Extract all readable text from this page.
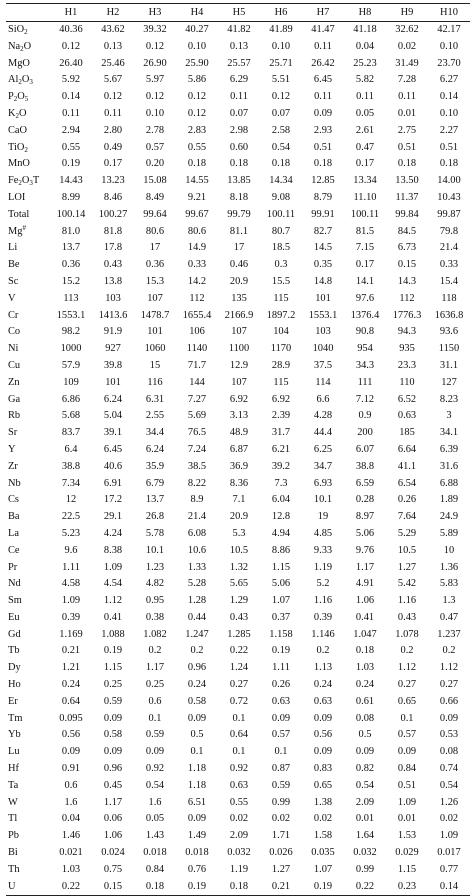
	H1	H2	H3	H4	H5	H6	H7	H8	H9	H10
SiO$_2$	40.36	43.62	39.32	40.27	41.82	41.89	41.47	41.18	32.62	42.17
$Na_2O$	0.12	0.13	0.12	0.10	0.13	0.10	0.11	0.04	0.02	0.10
MgO	26.40	25.46	26.90	25.90	25.57	25.71	26.42	25.23	31.49	23.70
$Al_2O_3$	5.92	5.67	5.97	5.86	6.29	5.51	6.45	5.82	7.28	6.27
$P_2O_5$	0.14	0.12	0.12	0.12	0.11	0.12	0.11	0.11	0.11	0.14
$K_2O$	0.11	0.11	0.10	0.12	0.07	0.07	0.09	0.05	0.01	0.10
CaO	2.94	2.80	2.78	2.83	2.98	2.58	2.93	2.61	2.75	2.27
TiO$_2$	0.55	0.49	0.57	0.55	0.60	0.54	0.51	0.47	0.51	0.51
MnO	0.19	0.17	0.20	0.18	0.18	0.18	0.18	0.17	0.18	0.18
$Fe_2O_3T$	14.43	13.23	15.08	14.55	13.85	14.34	12.85	13.34	13.50	14.00
LOI	8.99	8.46	8.49	9.21	8.18	9.08	8.79	11.10	11.37	10.43
Total	100.14	100.27	99.64	99.67	99.79	100.11	99.91	100.11	99.84	99.87
Mg#	81.0	81.8	80.6	80.6	81.1	80.7	82.7	81.5	84.5	79.8
Li	13.7	17.8	17	14.9	17	18.5	14.5	7.15	6.73	21.4
Be	0.36	0.43	0.36	0.33	0.46	0.3	0.35	0.17	0.15	0.33
Sc	15.2	13.8	15.3	14.2	20.9	15.5	14.8	14.1	14.3	15.4
V	113	103	107	112	135	115	101	97.6	112	118
Cr	1553.1	1413.6	1478.7	1655.4	2166.9	1897.2	1553.1	1376.4	1776.3	1636.8
Co	98.2	91.9	101	106	107	104	103	90.8	94.3	93.6
Ni	1000	927	1060	1140	1100	1170	1040	954	935	1150
Cu	57.9	39.8	15	71.7	12.9	28.9	37.5	34.3	23.3	31.1
Zn	109	101	116	144	107	115	114	111	110	127
Ga	6.86	6.24	6.31	7.27	6.92	6.92	6.6	7.12	6.52	8.23
Rb	5.68	5.04	2.55	5.69	3.13	2.39	4.28	0.9	0.63	3
Sr	83.7	39.1	34.4	76.5	48.9	31.7	44.4	200	185	34.1
Y	6.4	6.45	6.24	7.24	6.87	6.21	6.25	6.07	6.64	6.39
Zr	38.8	40.6	35.9	38.5	36.9	39.2	34.7	38.8	41.1	31.6
Nb	7.34	6.91	6.79	8.22	8.36	7.3	6.93	6.59	6.54	6.88
Cs	12	17.2	13.7	8.9	7.1	6.04	10.1	0.28	0.26	1.89
Ba	22.5	29.1	26.8	21.4	20.9	12.8	19	8.97	7.64	24.9
La	5.23	4.24	5.78	6.08	5.3	4.94	4.85	5.06	5.29	5.89
Ce	9.6	8.38	10.1	10.6	10.5	8.86	9.33	9.76	10.5	10
Pr	1.11	1.09	1.23	1.33	1.32	1.15	1.19	1.17	1.27	1.36
Nd	4.58	4.54	4.82	5.28	5.65	5.06	5.2	4.91	5.42	5.83
Sm	1.09	1.12	0.95	1.28	1.29	1.07	1.16	1.06	1.16	1.3
Eu	0.39	0.41	0.38	0.44	0.43	0.37	0.39	0.41	0.43	0.47
Gd	1.169	1.088	1.082	1.247	1.285	1.158	1.146	1.047	1.078	1.237
Tb	0.21	0.19	0.2	0.2	0.22	0.19	0.2	0.18	0.2	0.2
Dy	1.21	1.15	1.17	0.96	1.24	1.11	1.13	1.03	1.12	1.12
Ho	0.24	0.25	0.25	0.24	0.27	0.26	0.24	0.24	0.27	0.27
Er	0.64	0.59	0.6	0.58	0.72	0.63	0.63	0.61	0.65	0.66
Tm	0.095	0.09	0.1	0.09	0.1	0.09	0.09	0.08	0.1	0.09
Yb	0.56	0.58	0.59	0.5	0.64	0.57	0.56	0.5	0.57	0.53
Lu	0.09	0.09	0.09	0.1	0.1	0.1	0.09	0.09	0.09	0.08
Hf	0.91	0.96	0.92	1.18	0.92	0.87	0.83	0.82	0.84	0.74
Ta	0.6	0.45	0.54	1.18	0.63	0.59	0.65	0.54	0.51	0.54
W	1.6	1.17	1.6	6.51	0.55	0.99	1.38	2.09	1.09	1.26
Tl	0.04	0.06	0.05	0.09	0.02	0.02	0.02	0.01	0.01	0.02
Pb	1.46	1.06	1.43	1.49	2.09	1.71	1.58	1.64	1.53	1.09
Bi	0.021	0.024	0.018	0.018	0.032	0.026	0.035	0.032	0.029	0.017
Th	1.03	0.75	0.84	0.76	1.19	1.27	1.07	0.99	1.15	0.77
U	0.22	0.15	0.18	0.19	0.18	0.21	0.19	0.22	0.23	0.14
